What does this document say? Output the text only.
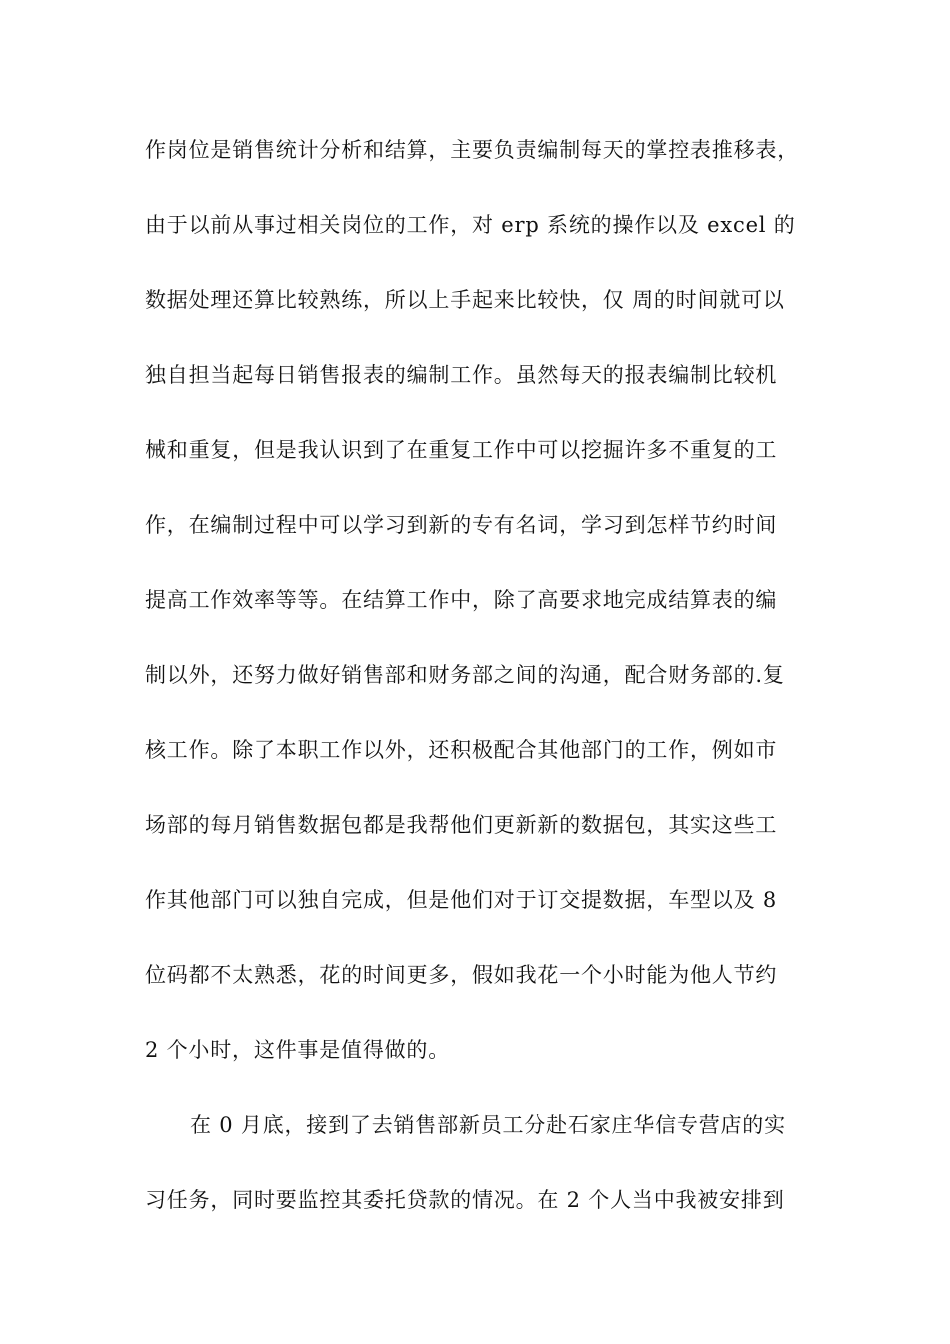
作岗位是销售统计分析和结算，主要负责编制每天的掌控表推移表，
由于以前从事过相关岗位的工作，对 erp 系统的操作以及 excel 的
数据处理还算比较熟练，所以上手起来比较快，仅 周的时间就可以
独自担当起每日销售报表的编制工作。虽然每天的报表编制比较机
械和重复，但是我认识到了在重复工作中可以挖掘许多不重复的工
作，在编制过程中可以学习到新的专有名词，学习到怎样节约时间
提高工作效率等等。在结算工作中，除了高要求地完成结算表的编
制以外，还努力做好销售部和财务部之间的沟通，配合财务部的.复
核工作。除了本职工作以外，还积极配合其他部门的工作，例如市
场部的每月销售数据包都是我帮他们更新新的数据包，其实这些工
作其他部门可以独自完成，但是他们对于订交提数据，车型以及 8
位码都不太熟悉，花的时间更多，假如我花一个小时能为他人节约
2 个小时，这件事是值得做的。
在 0 月底，接到了去销售部新员工分赴石家庄华信专营店的实
习任务，同时要监控其委托贷款的情况。在 2 个人当中我被安排到
